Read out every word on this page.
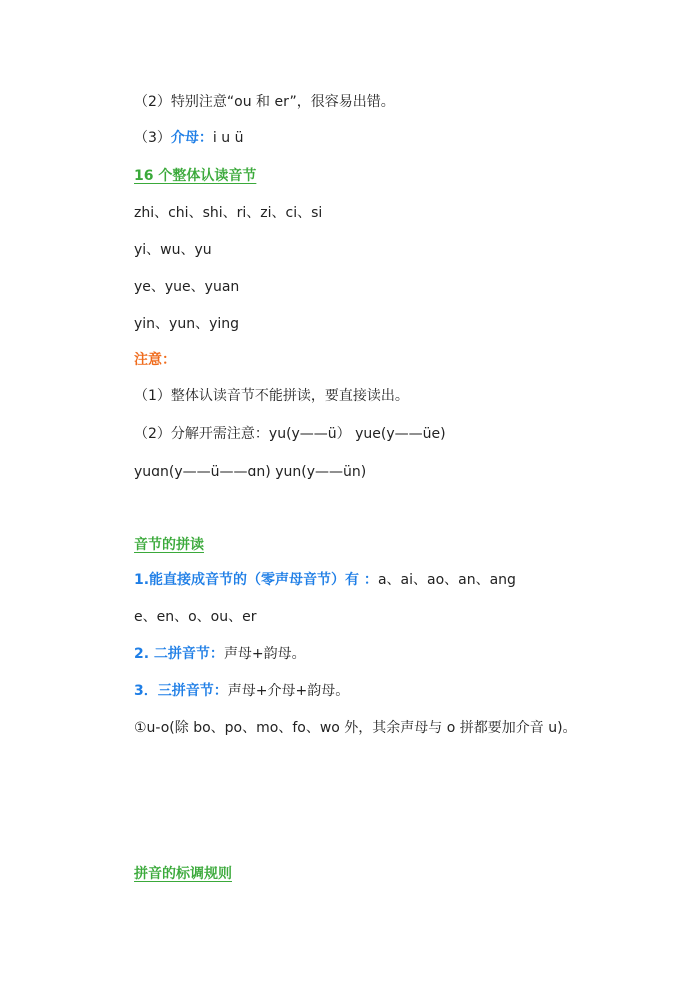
（2）特别注意“ou 和 er”，很容易出错。
（3）介母：i u ü
16 个整体认读音节
zhi、chi、shi、ri、zi、ci、si
yi、wu、yu
ye、yue、yuan
yin、yun、ying
注意：
（1）整体认读音节不能拼读，要直接读出。
（2）分解开需注意：yu(y——ü） yue(y——üe)
yuɑn(y——ü——ɑn) yun(y——ün)
音节的拼读
1.能直接成音节的（零声母音节）有 ：a、ai、ao、an、ang
e、en、o、ou、er
2. 二拼音节：声母+韵母。
3．三拼音节：声母+介母+韵母。
①u-o(除 bo、po、mo、fo、wo 外，其余声母与 o 拼都要加介音 u)。
拼音的标调规则
